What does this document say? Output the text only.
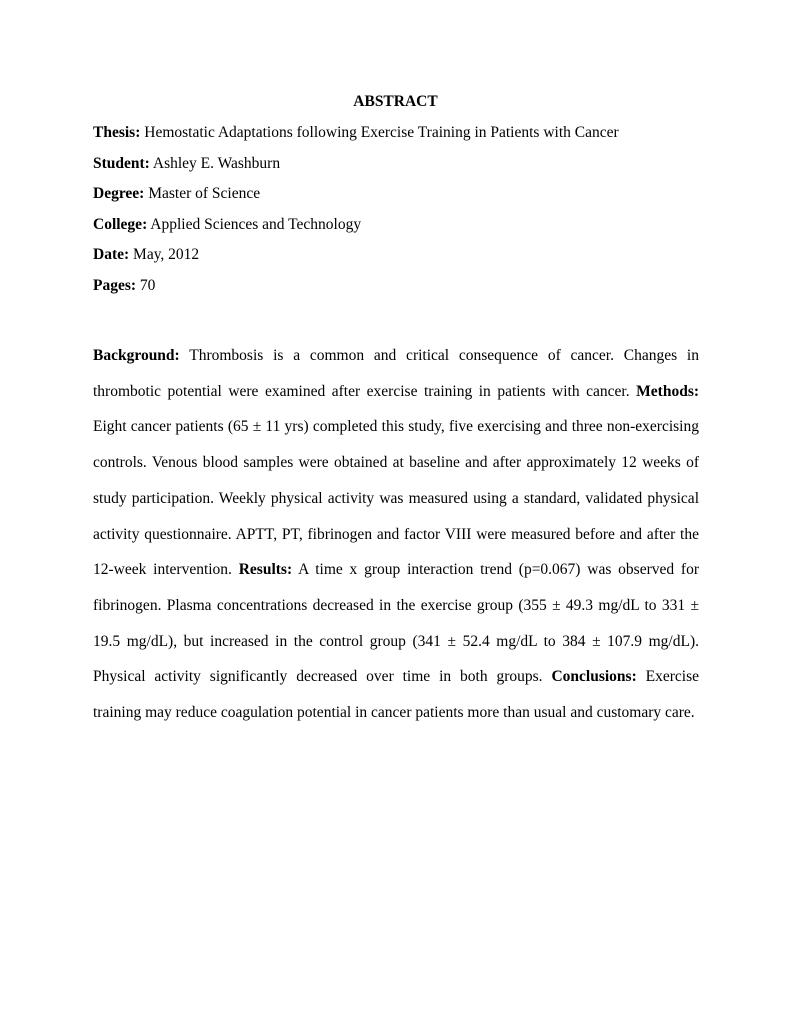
ABSTRACT
Thesis: Hemostatic Adaptations following Exercise Training in Patients with Cancer
Student: Ashley E. Washburn
Degree: Master of Science
College: Applied Sciences and Technology
Date: May, 2012
Pages: 70

Background: Thrombosis is a common and critical consequence of cancer. Changes in thrombotic potential were examined after exercise training in patients with cancer. Methods: Eight cancer patients (65 ± 11 yrs) completed this study, five exercising and three non-exercising controls. Venous blood samples were obtained at baseline and after approximately 12 weeks of study participation. Weekly physical activity was measured using a standard, validated physical activity questionnaire. APTT, PT, fibrinogen and factor VIII were measured before and after the 12-week intervention. Results: A time x group interaction trend (p=0.067) was observed for fibrinogen. Plasma concentrations decreased in the exercise group (355 ± 49.3 mg/dL to 331 ± 19.5 mg/dL), but increased in the control group (341 ± 52.4 mg/dL to 384 ± 107.9 mg/dL). Physical activity significantly decreased over time in both groups. Conclusions: Exercise training may reduce coagulation potential in cancer patients more than usual and customary care.
